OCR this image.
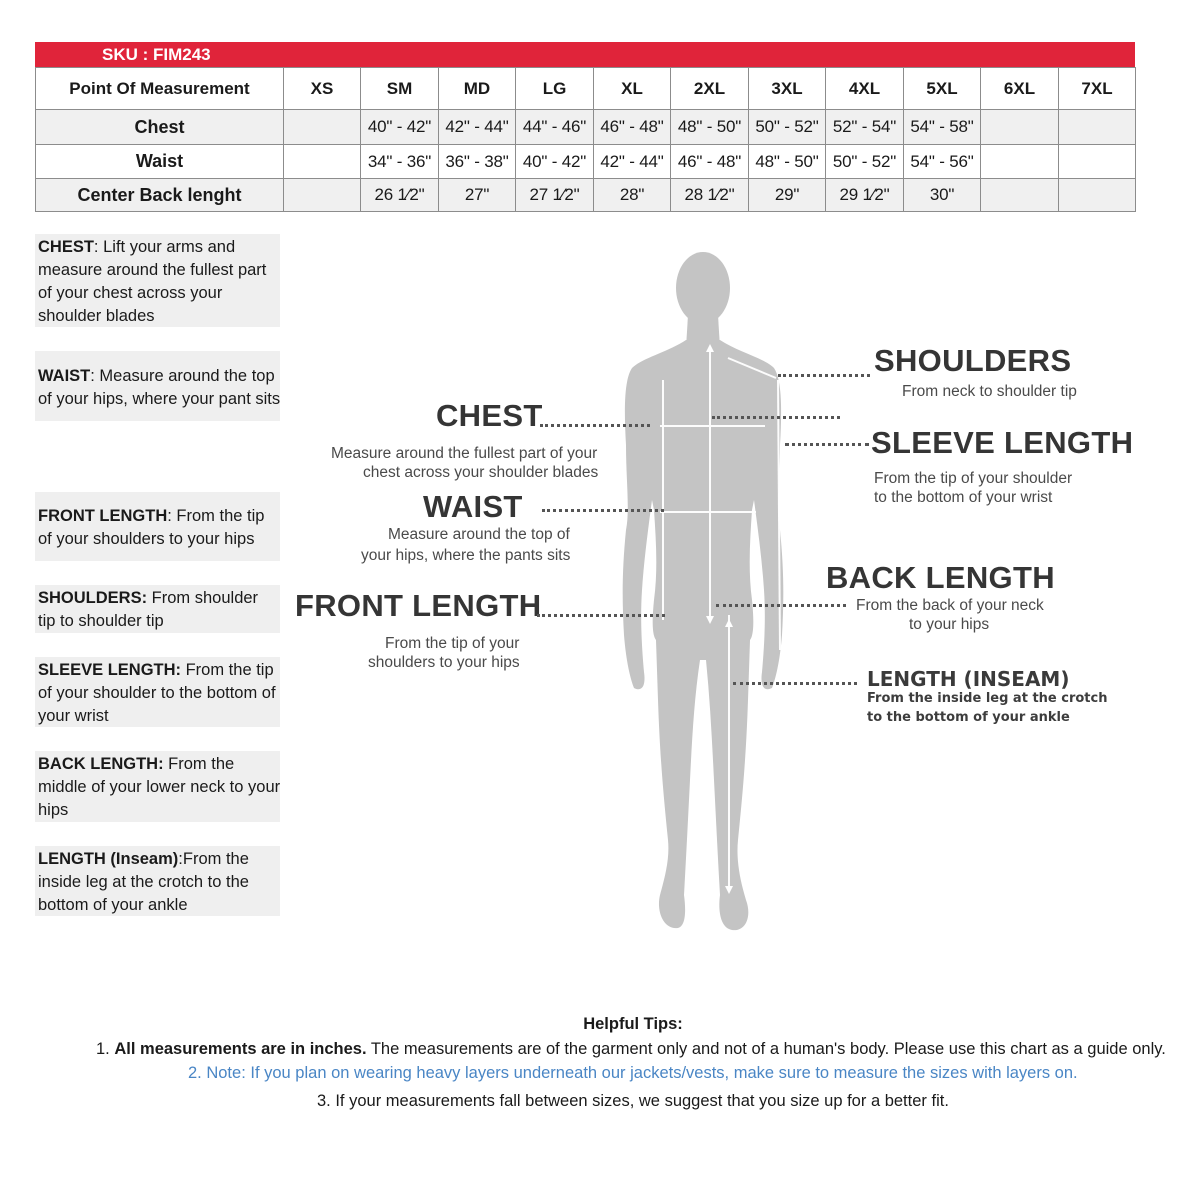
SKU : FIM243
Point Of Measurement	XS	SM	MD	LG	XL	2XL	3XL	4XL	5XL	6XL	7XL
Chest		40" - 42"	42" - 44"	44" - 46"	46" - 48"	48" - 50"	50" - 52"	52" - 54"	54" - 58"		
Waist		34" - 36"	36" - 38"	40" - 42"	42" - 44"	46" - 48"	48" - 50"	50" - 52"	54" - 56"		
Center Back lenght		26 1⁄2"	27"	27 1⁄2"	28"	28 1⁄2"	29"	29 1⁄2"	30"		
CHEST: Lift your arms and
measure around the fullest part
of your chest across your
shoulder blades
WAIST: Measure around the top
of your hips, where your pant sits
FRONT LENGTH: From the tip
of your shoulders to your hips
SHOULDERS: From shoulder
tip to shoulder tip
SLEEVE LENGTH: From the tip
of your shoulder to the bottom of
your wrist
BACK LENGTH: From the
middle of your lower neck to your
hips
LENGTH (Inseam):From the
inside leg at the crotch to the
bottom of your ankle
CHEST
Measure around the fullest part of your
chest across your shoulder blades
WAIST
Measure around the top of
your hips, where the pants sits
FRONT LENGTH
From the tip of your
shoulders to your hips
SHOULDERS
From neck to shoulder tip
SLEEVE LENGTH
From the tip of your shoulder
to the bottom of your wrist
BACK LENGTH
From the back of your neck
to your hips
LENGTH (INSEAM)
From the inside leg at the crotch
to the bottom of your ankle
Helpful Tips:
1. All measurements are in inches. The measurements are of the garment only and not of a human's body. Please use this chart as a guide only.
2. Note: If you plan on wearing heavy layers underneath our jackets/vests, make sure to measure the sizes with layers on.
3. If your measurements fall between sizes, we suggest that you size up for a better fit.
